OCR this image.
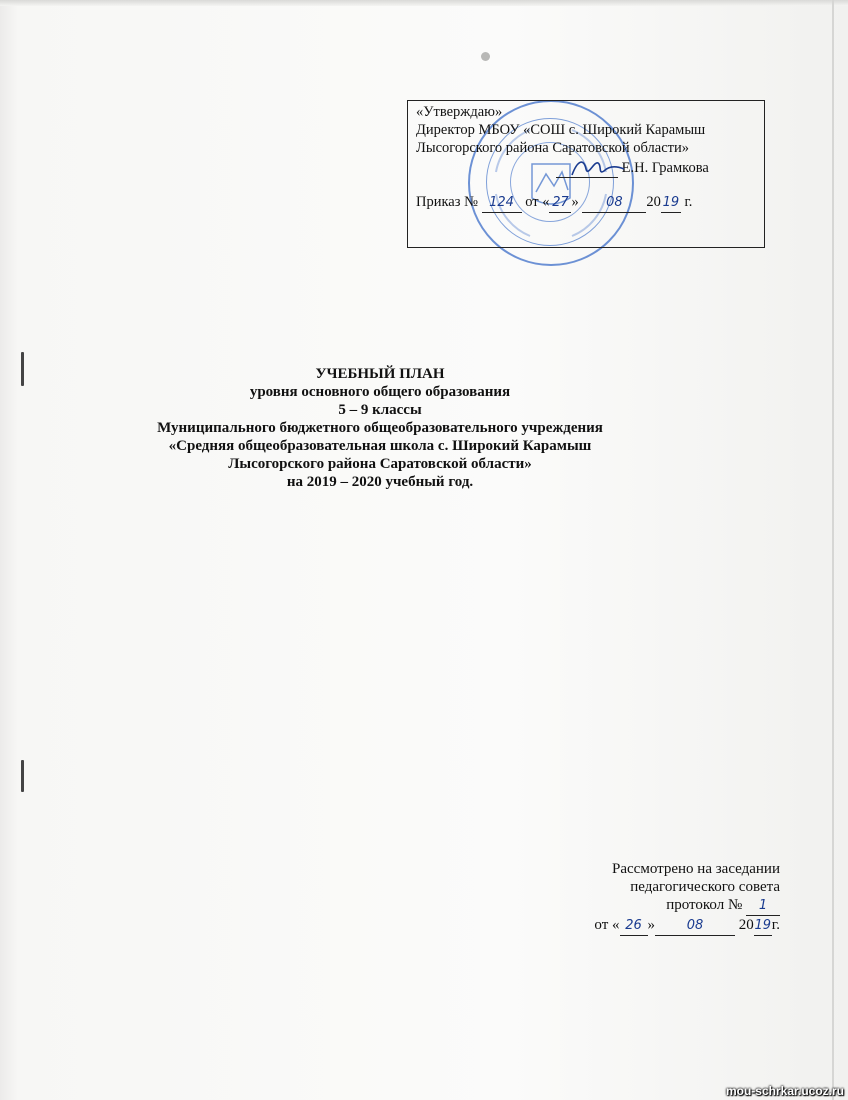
«Утверждаю»
Директор МБОУ «СОШ с. Широкий Карамыш
Лысогорского района Саратовской области»
Е.Н. Грамкова
Приказ № 124 от « 27 » 08 20 19 г.
УЧЕБНЫЙ ПЛАН
уровня основного общего образования
5 – 9 классы
Муниципального бюджетного общеобразовательного учреждения
«Средняя общеобразовательная школа с. Широкий Карамыш
Лысогорского района Саратовской области»
на 2019 – 2020 учебный год.
Рассмотрено на заседании
педагогического совета
протокол № 1
от « 26 » 08 2019г.
mou-schrkar.ucoz.ru
